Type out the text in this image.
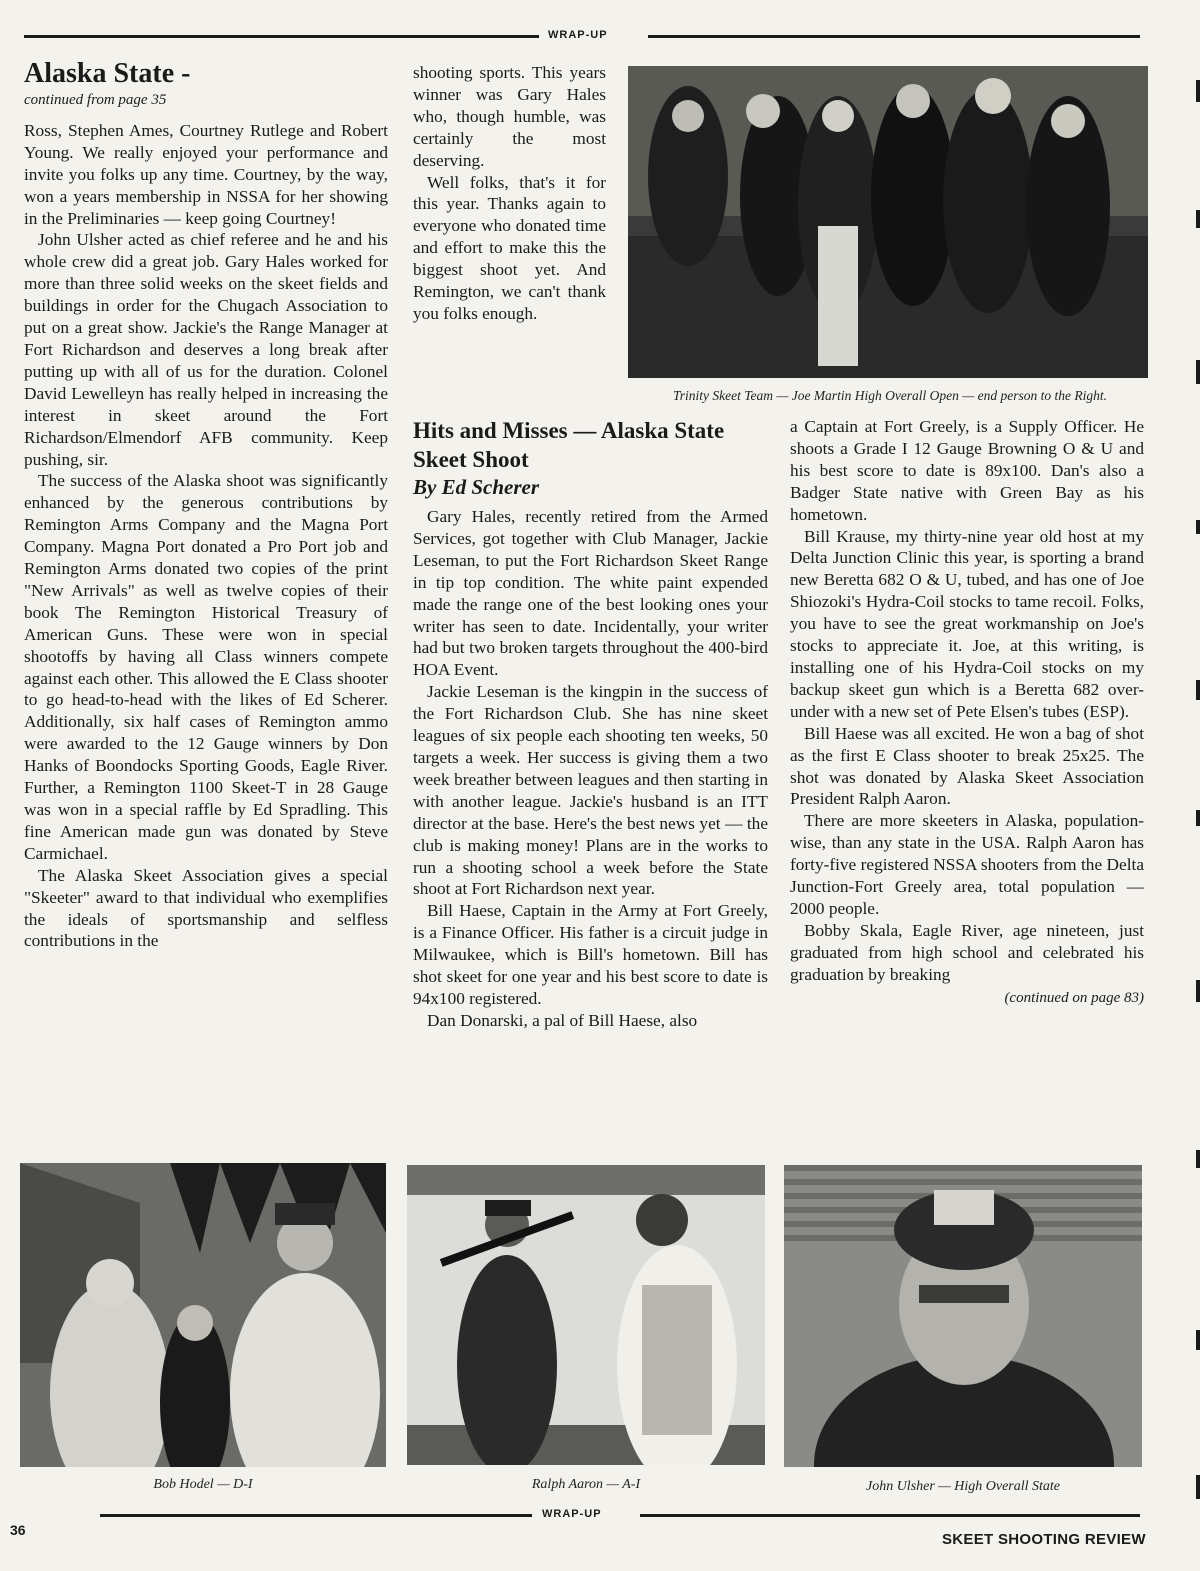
WRAP-UP
Alaska State -
continued from page 35

Ross, Stephen Ames, Courtney Rutlege and Robert Young. We really enjoyed your performance and invite you folks up any time. Courtney, by the way, won a years membership in NSSA for her showing in the Preliminaries — keep going Courtney!

John Ulsher acted as chief referee and he and his whole crew did a great job. Gary Hales worked for more than three solid weeks on the skeet fields and buildings in order for the Chugach Association to put on a great show. Jackie's the Range Manager at Fort Richardson and deserves a long break after putting up with all of us for the duration. Colonel David Lewelleyn has really helped in increasing the interest in skeet around the Fort Richardson/Elmendorf AFB community. Keep pushing, sir.

The success of the Alaska shoot was significantly enhanced by the generous contributions by Remington Arms Company and the Magna Port Company. Magna Port donated a Pro Port job and Remington Arms donated two copies of the print "New Arrivals" as well as twelve copies of their book The Remington Historical Treasury of American Guns. These were won in special shootoffs by having all Class winners compete against each other. This allowed the E Class shooter to go head-to-head with the likes of Ed Scherer. Additionally, six half cases of Remington ammo were awarded to the 12 Gauge winners by Don Hanks of Boondocks Sporting Goods, Eagle River. Further, a Remington 1100 Skeet-T in 28 Gauge was won in a special raffle by Ed Spradling. This fine American made gun was donated by Steve Carmichael.

The Alaska Skeet Association gives a special "Skeeter" award to that individual who exemplifies the ideals of sportsmanship and selfless contributions in the

shooting sports. This years winner was Gary Hales who, though humble, was certainly the most deserving.

Well folks, that's it for this year. Thanks again to everyone who donated time and effort to make this the biggest shoot yet. And Remington, we can't thank you folks enough.

Trinity Skeet Team — Joe Martin High Overall Open — end person to the Right.
Hits and Misses — Alaska State Skeet Shoot
By Ed Scherer

Gary Hales, recently retired from the Armed Services, got together with Club Manager, Jackie Leseman, to put the Fort Richardson Skeet Range in tip top condition. The white paint expended made the range one of the best looking ones your writer has seen to date. Incidentally, your writer had but two broken targets throughout the 400-bird HOA Event.

Jackie Leseman is the kingpin in the success of the Fort Richardson Club. She has nine skeet leagues of six people each shooting ten weeks, 50 targets a week. Her success is giving them a two week breather between leagues and then starting in with another league. Jackie's husband is an ITT director at the base. Here's the best news yet — the club is making money! Plans are in the works to run a shooting school a week before the State shoot at Fort Richardson next year.

Bill Haese, Captain in the Army at Fort Greely, is a Finance Officer. His father is a circuit judge in Milwaukee, which is Bill's hometown. Bill has shot skeet for one year and his best score to date is 94x100 registered.

Dan Donarski, a pal of Bill Haese, also

a Captain at Fort Greely, is a Supply Officer. He shoots a Grade I 12 Gauge Browning O & U and his best score to date is 89x100. Dan's also a Badger State native with Green Bay as his hometown.

Bill Krause, my thirty-nine year old host at my Delta Junction Clinic this year, is sporting a brand new Beretta 682 O & U, tubed, and has one of Joe Shiozoki's Hydra-Coil stocks to tame recoil. Folks, you have to see the great workmanship on Joe's stocks to appreciate it. Joe, at this writing, is installing one of his Hydra-Coil stocks on my backup skeet gun which is a Beretta 682 over-under with a new set of Pete Elsen's tubes (ESP).

Bill Haese was all excited. He won a bag of shot as the first E Class shooter to break 25x25. The shot was donated by Alaska Skeet Association President Ralph Aaron.

There are more skeeters in Alaska, population-wise, than any state in the USA. Ralph Aaron has forty-five registered NSSA shooters from the Delta Junction-Fort Greely area, total population — 2000 people.

Bobby Skala, Eagle River, age nineteen, just graduated from high school and celebrated his graduation by breaking

(continued on page 83)
Bob Hodel — D-I	Ralph Aaron — A-I	John Ulsher — High Overall State
WRAP-UP
36
SKEET SHOOTING REVIEW
